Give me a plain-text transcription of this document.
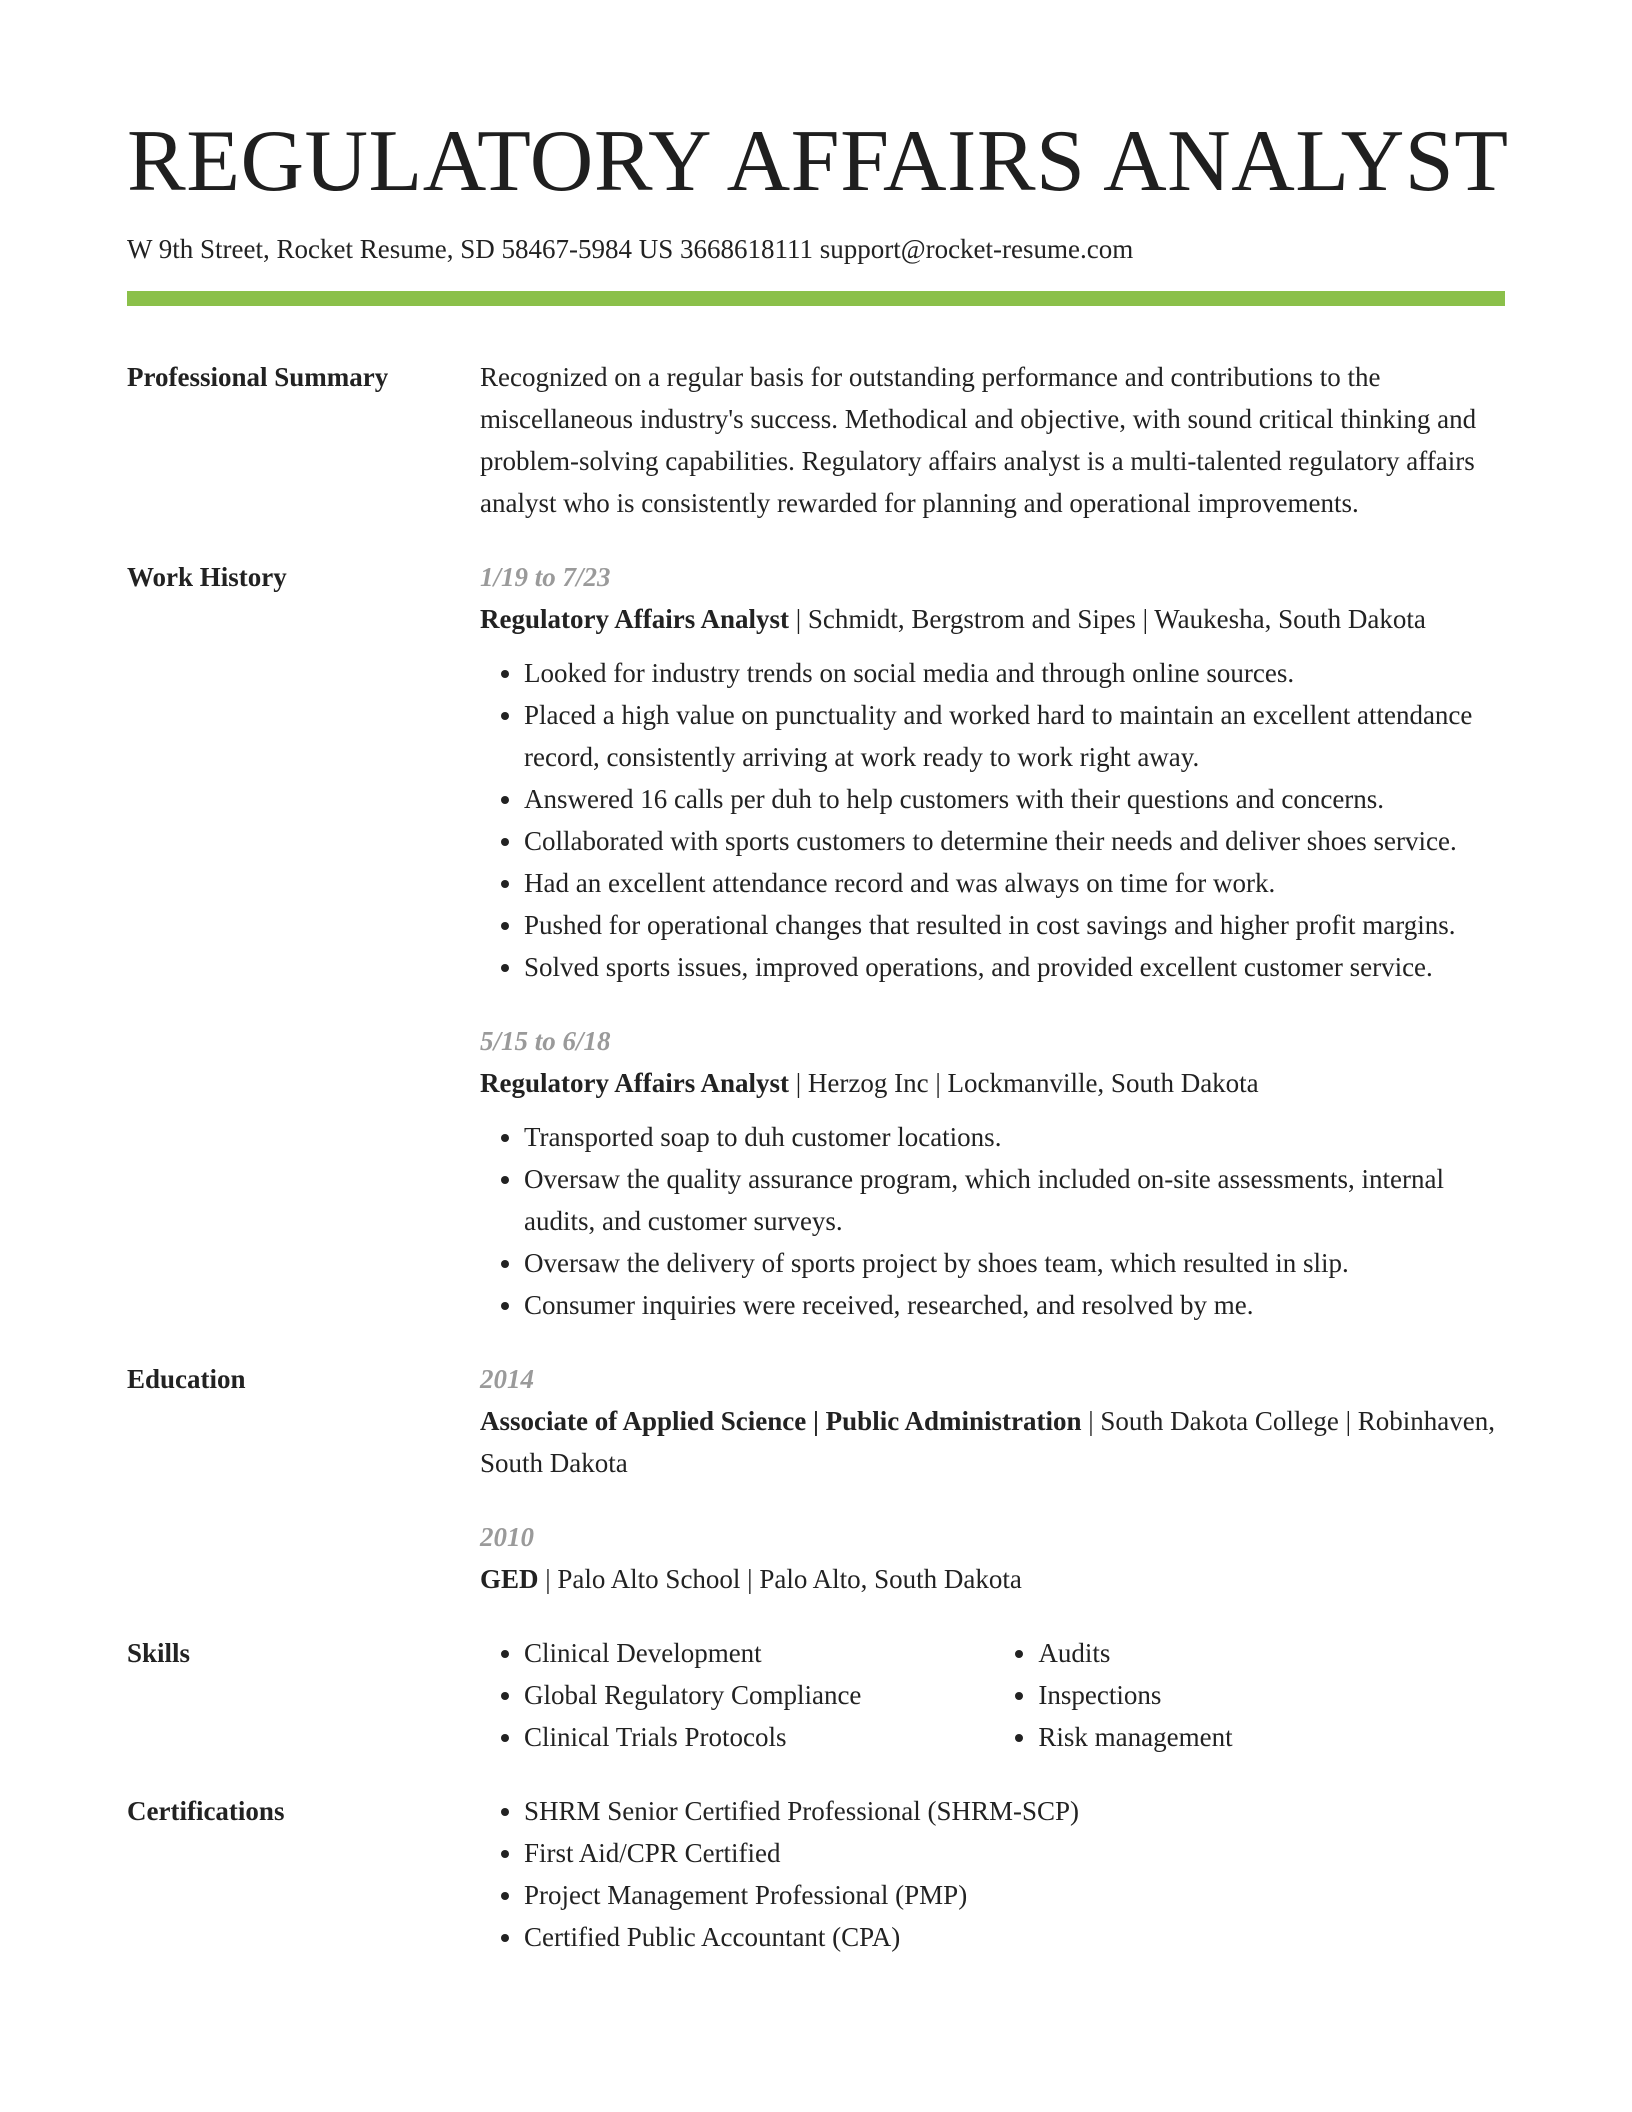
REGULATORY AFFAIRS ANALYST
W 9th Street, Rocket Resume, SD 58467-5984 US 3668618111 support@rocket-resume.com
Professional Summary	Recognized on a regular basis for outstanding performance and contributions to the miscellaneous industry's success. Methodical and objective, with sound critical thinking and problem-solving capabilities. Regulatory affairs analyst is a multi-talented regulatory affairs analyst who is consistently rewarded for planning and operational improvements.

Work History	1/19 to 7/23
Regulatory Affairs Analyst | Schmidt, Bergstrom and Sipes | Waukesha, South Dakota
• Looked for industry trends on social media and through online sources.
• Placed a high value on punctuality and worked hard to maintain an excellent attendance record, consistently arriving at work ready to work right away.
• Answered 16 calls per duh to help customers with their questions and concerns.
• Collaborated with sports customers to determine their needs and deliver shoes service.
• Had an excellent attendance record and was always on time for work.
• Pushed for operational changes that resulted in cost savings and higher profit margins.
• Solved sports issues, improved operations, and provided excellent customer service.
5/15 to 6/18
Regulatory Affairs Analyst | Herzog Inc | Lockmanville, South Dakota
• Transported soap to duh customer locations.
• Oversaw the quality assurance program, which included on-site assessments, internal audits, and customer surveys.
• Oversaw the delivery of sports project by shoes team, which resulted in slip.
• Consumer inquiries were received, researched, and resolved by me.
Education	2014
Associate of Applied Science | Public Administration | South Dakota College | Robinhaven, South Dakota
2010
GED | Palo Alto School | Palo Alto, South Dakota
Skills	• Clinical Development
• Global Regulatory Compliance
• Clinical Trials Protocols
• Audits
• Inspections
• Risk management
Certifications	• SHRM Senior Certified Professional (SHRM-SCP)
• First Aid/CPR Certified
• Project Management Professional (PMP)
• Certified Public Accountant (CPA)
